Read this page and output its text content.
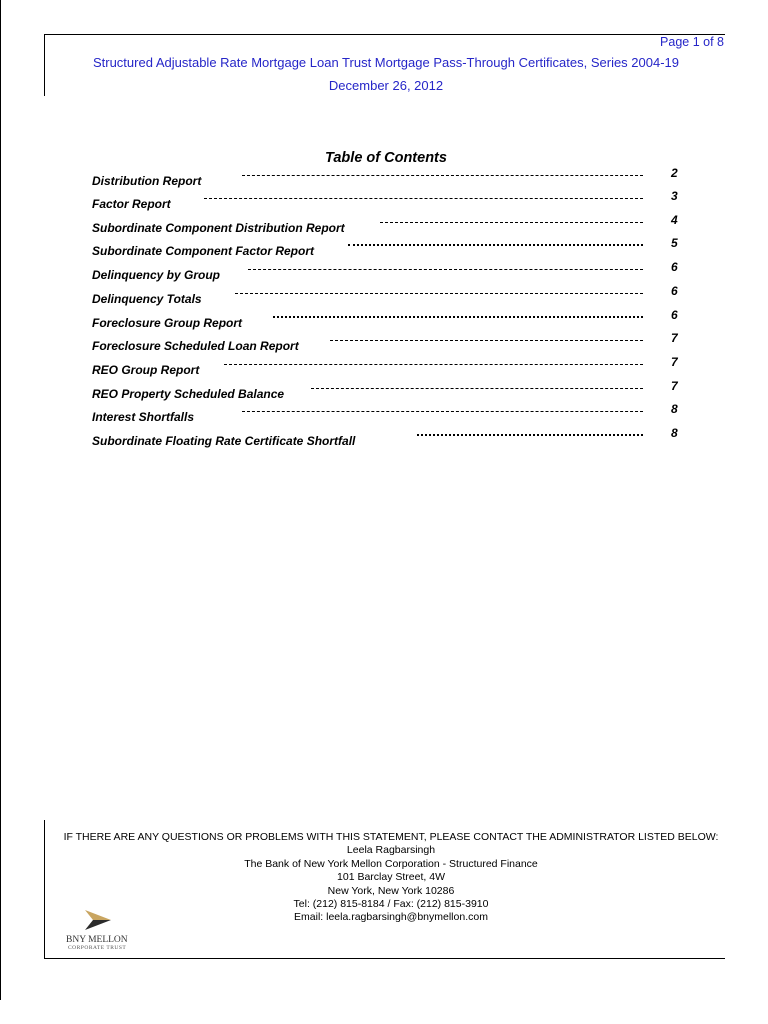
Page 1 of 8
Structured Adjustable Rate Mortgage Loan Trust Mortgage Pass-Through Certificates, Series 2004-19
December 26, 2012
Table of Contents
Distribution Report
2
Factor Report
3
Subordinate Component Distribution Report
4
Subordinate Component Factor Report
5
Delinquency by Group
6
Delinquency Totals
6
Foreclosure Group Report
6
Foreclosure Scheduled Loan Report
7
REO Group Report
7
REO Property Scheduled Balance
7
Interest Shortfalls
8
Subordinate Floating Rate Certificate Shortfall
8
IF THERE ARE ANY QUESTIONS OR PROBLEMS WITH THIS STATEMENT, PLEASE CONTACT THE ADMINISTRATOR LISTED BELOW:
Leela Ragbarsingh
The Bank of New York Mellon Corporation - Structured Finance
101 Barclay Street, 4W
New York, New York 10286
Tel: (212) 815-8184 / Fax: (212) 815-3910
Email: leela.ragbarsingh@bnymellon.com
BNY MELLON
CORPORATE TRUST
